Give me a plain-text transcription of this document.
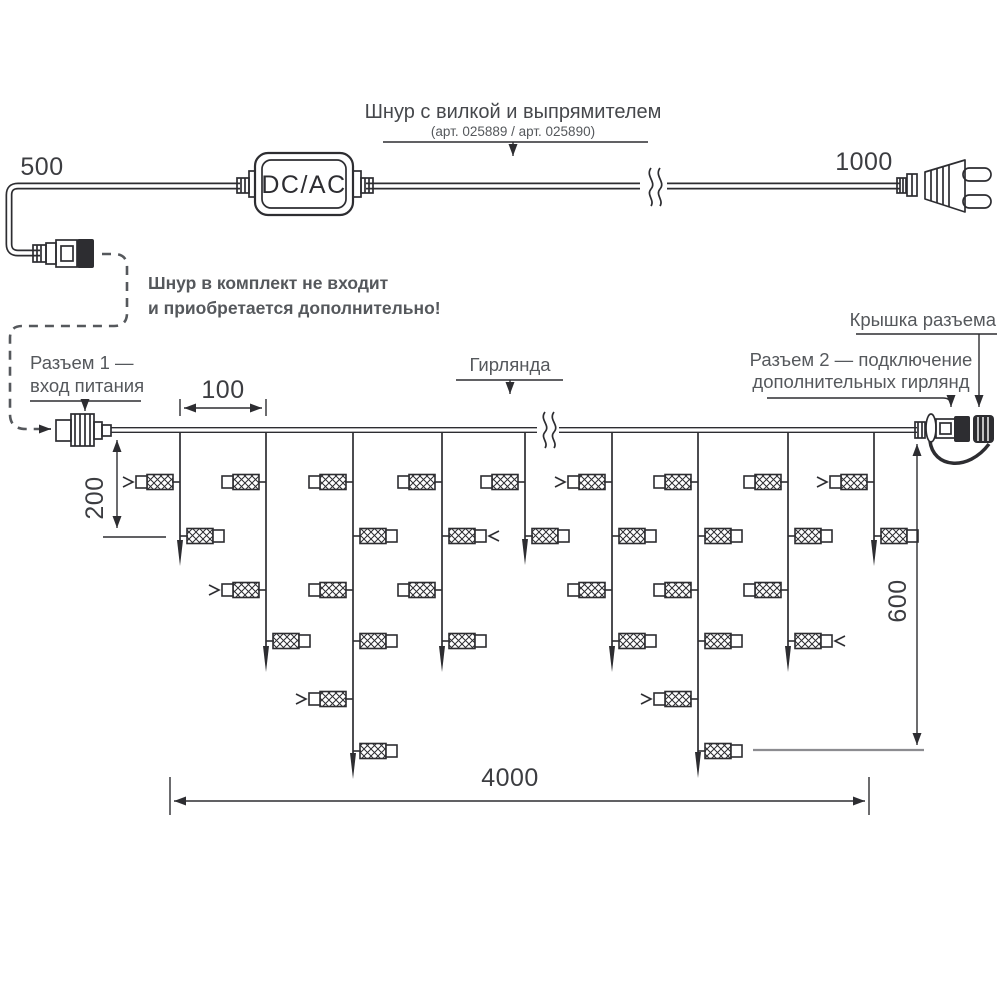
DC/AC
500	1000
Шнур с вилкой и выпрямителем
(арт. 025889 / арт. 025890)
Шнур в комплект не входит
и приобретается дополнительно!
Разъем 1 —
вход питания
Гирлянда
Крышка разъема
Разъем 2 — подключение
дополнительных гирлянд
100
200
600
4000
